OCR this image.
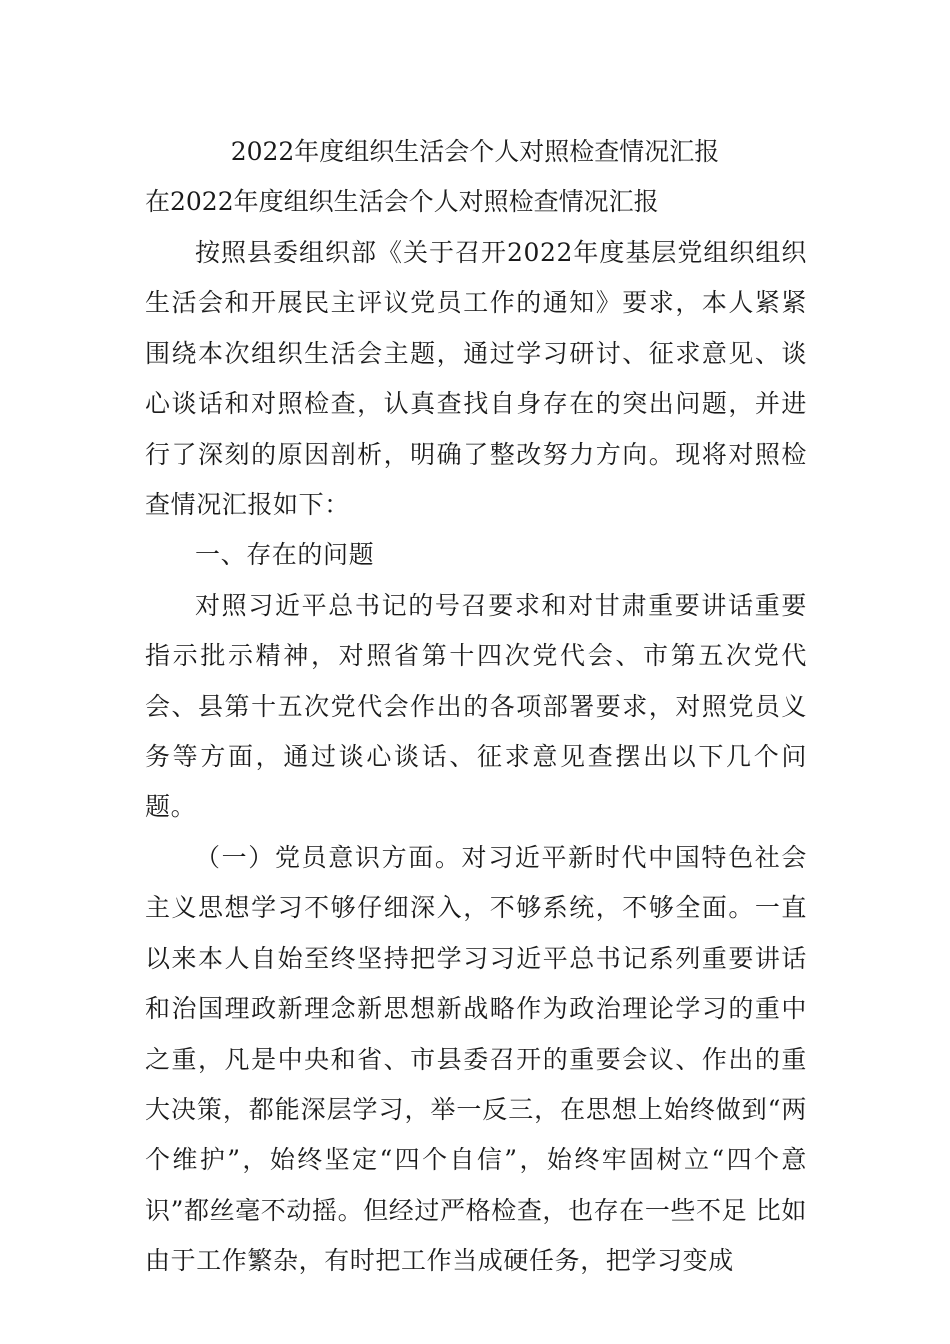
2022年度组织生活会个人对照检查情况汇报

在2022年度组织生活会个人对照检查情况汇报

按照县委组织部《关于召开2022年度基层党组织组织生活会和开展民主评议党员工作的通知》要求，本人紧紧围绕本次组织生活会主题，通过学习研讨、征求意见、谈心谈话和对照检查，认真查找自身存在的突出问题，并进行了深刻的原因剖析，明确了整改努力方向。现将对照检查情况汇报如下：

一、存在的问题

对照习近平总书记的号召要求和对甘肃重要讲话重要指示批示精神，对照省第十四次党代会、市第五次党代会、县第十五次党代会作出的各项部署要求，对照党员义务等方面，通过谈心谈话、征求意见查摆出以下几个问题。

（一）党员意识方面。对习近平新时代中国特色社会主义思想学习不够仔细深入，不够系统，不够全面。一直以来本人自始至终坚持把学习习近平总书记系列重要讲话和治国理政新理念新思想新战略作为政治理论学习的重中之重，凡是中央和省、市县委召开的重要会议、作出的重大决策，都能深层学习，举一反三，在思想上始终做到“两个维护”，始终坚定“四个自信”，始终牢固树立“四个意识”都丝毫不动摇。但经过严格检查，也存在一些不足 比如由于工作繁杂，有时把工作当成硬任务，把学习变成
